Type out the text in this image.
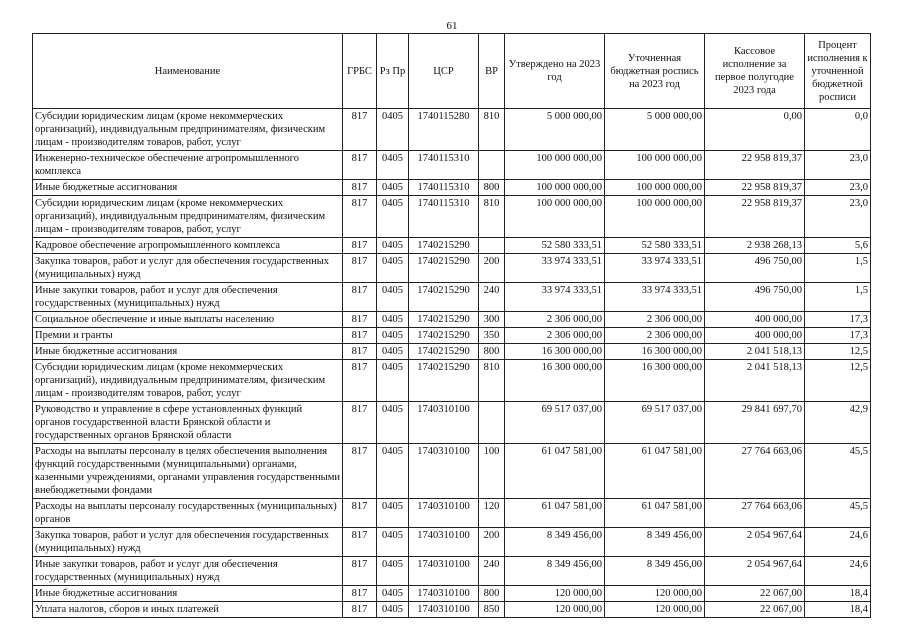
61
Наименование	ГРБС	Рз Пр	ЦСР	ВР	Утверждено на 2023 год	Уточненная бюджетная роспись на 2023 год	Кассовое исполнение за первое полугодие 2023 года	Процент исполнения к уточненной бюджетной росписи
Субсидии юридическим лицам (кроме некоммерческих организаций), индивидуальным предпринимателям, физическим лицам - производителям товаров, работ, услуг	817	0405	1740115280	810	5 000 000,00	5 000 000,00	0,00	0,0
Инженерно-техническое обеспечение агропромышленного комплекса	817	0405	1740115310		100 000 000,00	100 000 000,00	22 958 819,37	23,0
Иные бюджетные ассигнования	817	0405	1740115310	800	100 000 000,00	100 000 000,00	22 958 819,37	23,0
Субсидии юридическим лицам (кроме некоммерческих организаций), индивидуальным предпринимателям, физическим лицам - производителям товаров, работ, услуг	817	0405	1740115310	810	100 000 000,00	100 000 000,00	22 958 819,37	23,0
Кадровое обеспечение агропромышленного комплекса	817	0405	1740215290		52 580 333,51	52 580 333,51	2 938 268,13	5,6
Закупка товаров, работ и услуг для обеспечения государственных (муниципальных) нужд	817	0405	1740215290	200	33 974 333,51	33 974 333,51	496 750,00	1,5
Иные закупки товаров, работ и услуг для обеспечения государственных (муниципальных) нужд	817	0405	1740215290	240	33 974 333,51	33 974 333,51	496 750,00	1,5
Социальное обеспечение и иные выплаты населению	817	0405	1740215290	300	2 306 000,00	2 306 000,00	400 000,00	17,3
Премии и гранты	817	0405	1740215290	350	2 306 000,00	2 306 000,00	400 000,00	17,3
Иные бюджетные ассигнования	817	0405	1740215290	800	16 300 000,00	16 300 000,00	2 041 518,13	12,5
Субсидии юридическим лицам (кроме некоммерческих организаций), индивидуальным предпринимателям, физическим лицам - производителям товаров, работ, услуг	817	0405	1740215290	810	16 300 000,00	16 300 000,00	2 041 518,13	12,5
Руководство и управление в сфере установленных функций органов государственной власти Брянской области и государственных органов Брянской области	817	0405	1740310100		69 517 037,00	69 517 037,00	29 841 697,70	42,9
Расходы на выплаты персоналу в целях обеспечения выполнения функций государственными (муниципальными) органами, казенными учреждениями, органами управления государственными внебюджетными фондами	817	0405	1740310100	100	61 047 581,00	61 047 581,00	27 764 663,06	45,5
Расходы на выплаты персоналу государственных (муниципальных) органов	817	0405	1740310100	120	61 047 581,00	61 047 581,00	27 764 663,06	45,5
Закупка товаров, работ и услуг для обеспечения государственных (муниципальных) нужд	817	0405	1740310100	200	8 349 456,00	8 349 456,00	2 054 967,64	24,6
Иные закупки товаров, работ и услуг для обеспечения государственных (муниципальных) нужд	817	0405	1740310100	240	8 349 456,00	8 349 456,00	2 054 967,64	24,6
Иные бюджетные ассигнования	817	0405	1740310100	800	120 000,00	120 000,00	22 067,00	18,4
Уплата налогов, сборов и иных платежей	817	0405	1740310100	850	120 000,00	120 000,00	22 067,00	18,4
